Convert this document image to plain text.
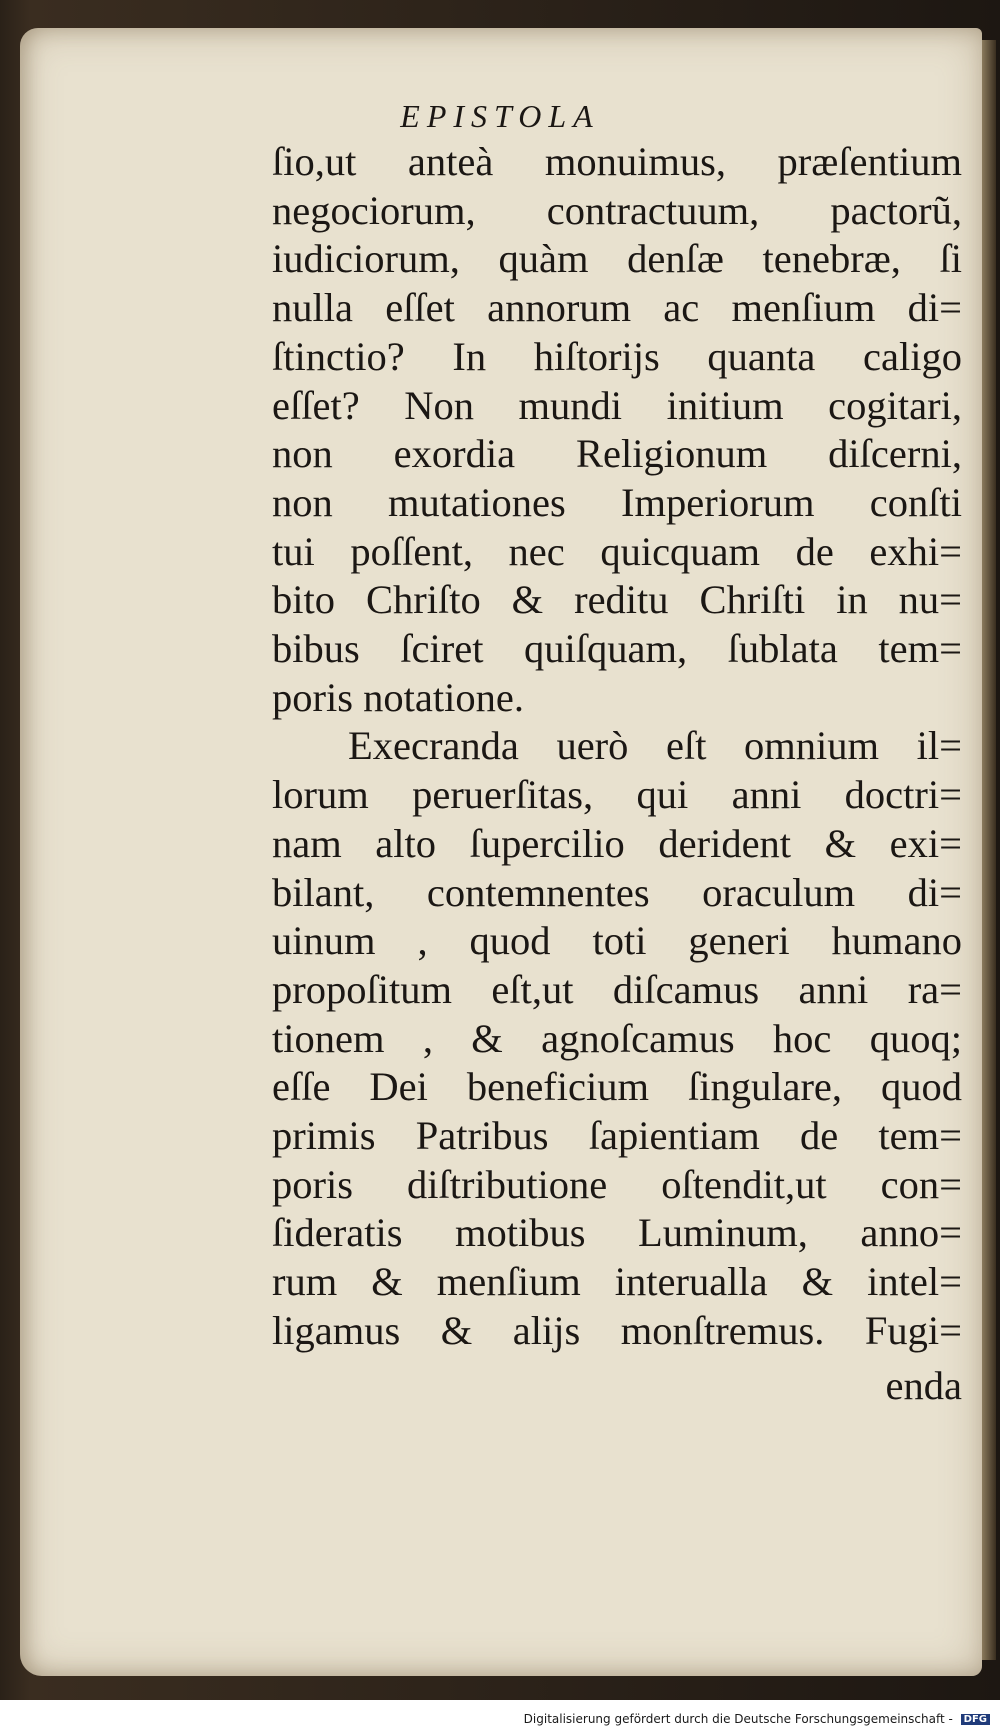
EPISTOLA
ſio,ut anteà monuimus, præſentium
negociorum, contractuum, pactorũ,
iudiciorum, quàm denſæ tenebræ, ſi
nulla eſſet annorum ac menſium di=
ſtinctio? In hiſtorijs quanta caligo
eſſet? Non mundi initium cogitari,
non exordia Religionum diſcerni,
non mutationes Imperiorum conſti
tui poſſent, nec quicquam de exhi=
bito Chriſto & reditu Chriſti in nu=
bibus ſciret quiſquam, ſublata tem=
poris notatione.
Execranda uerò eſt omnium il=
lorum peruerſitas, qui anni doctri=
nam alto ſupercilio derident & exi=
bilant, contemnentes oraculum di=
uinum , quod toti generi humano
propoſitum eſt,ut diſcamus anni ra=
tionem , & agnoſcamus hoc quoq;
eſſe Dei beneficium ſingulare, quod
primis Patribus ſapientiam de tem=
poris diſtributione oſtendit,ut con=
ſideratis motibus Luminum, anno=
rum & menſium interualla & intel=
ligamus & alijs monſtremus. Fugi=
enda
Digitalisierung gefördert durch die Deutsche Forschungsgemeinschaft - DFG
